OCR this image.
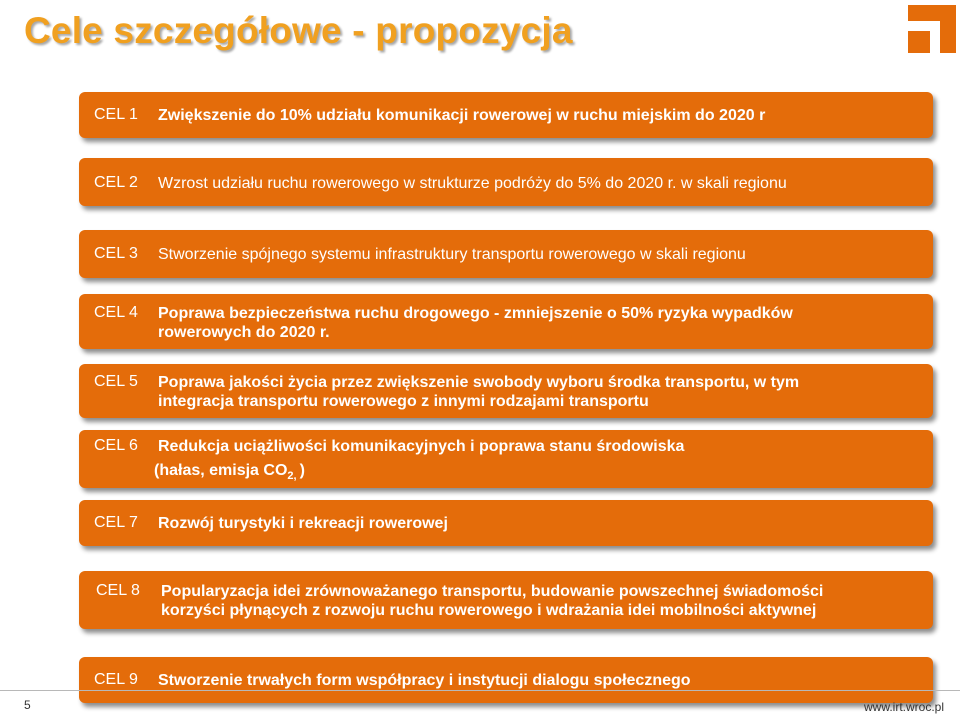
Cele szczegółowe - propozycja
CEL 1 Zwiększenie do 10% udziału komunikacji rowerowej w ruchu miejskim do 2020 r
CEL 2 Wzrost udziału ruchu rowerowego w strukturze podróży do 5% do 2020 r. w skali regionu
CEL 3 Stworzenie spójnego systemu infrastruktury transportu rowerowego w skali regionu
CEL 4 Poprawa bezpieczeństwa ruchu drogowego - zmniejszenie o 50% ryzyka wypadków rowerowych do 2020 r.
CEL 5 Poprawa jakości życia przez zwiększenie swobody wyboru środka transportu, w tym integracja transportu rowerowego z innymi rodzajami transportu
CEL 6 Redukcja uciążliwości komunikacyjnych i poprawa stanu środowiska
(hałas, emisja $CO_{2,}$ )
CEL 7 Rozwój turystyki i rekreacji rowerowej
CEL 8 Popularyzacja idei zrównoważanego transportu, budowanie powszechnej świadomości korzyści płynących z rozwoju ruchu rowerowego i wdrażania idei mobilności aktywnej
CEL 9 Stworzenie trwałych form współpracy i instytucji dialogu społecznego
5	www.irt.wroc.pl
